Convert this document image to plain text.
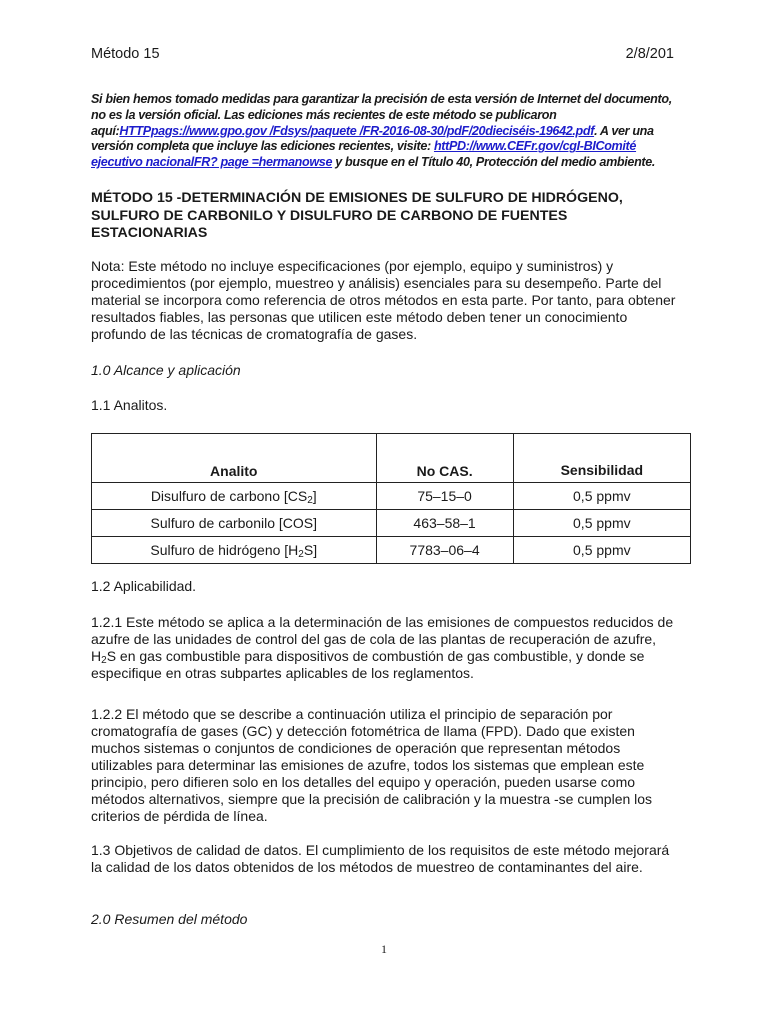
Método 15	2/8/201
Si bien hemos tomado medidas para garantizar la precisión de esta versión de Internet del documento, no es la versión oficial. Las ediciones más recientes de este método se publicaron aquí:HTTPpags://www.gpo.gov /Fdsys/paquete /FR-2016-08-30/pdF/20dieciséis-19642.pdf. A ver una versión completa que incluye las ediciones recientes, visite: httPD://www.CEFr.gov/cgI-BIComité ejecutivo nacionalFR? page =hermanowse y busque en el Título 40, Protección del medio ambiente.
MÉTODO 15 -DETERMINACIÓN DE EMISIONES DE SULFURO DE HIDRÓGENO, SULFURO DE CARBONILO Y DISULFURO DE CARBONO DE FUENTES ESTACIONARIAS
Nota: Este método no incluye especificaciones (por ejemplo, equipo y suministros) y procedimientos (por ejemplo, muestreo y análisis) esenciales para su desempeño. Parte del material se incorpora como referencia de otros métodos en esta parte. Por tanto, para obtener resultados fiables, las personas que utilicen este método deben tener un conocimiento profundo de las técnicas de cromatografía de gases.
1.0 Alcance y aplicación
1.1 Analitos.
Analito	No CAS.	Sensibilidad
Disulfuro de carbono $[CS_2]$	75–15–0	0,5 ppmv
Sulfuro de carbonilo [COS]	463–58–1	0,5 ppmv
Sulfuro de hidrógeno $[H_2S]$	7783–06–4	0,5 ppmv
1.2 Aplicabilidad.
1.2.1 Este método se aplica a la determinación de las emisiones de compuestos reducidos de azufre de las unidades de control del gas de cola de las plantas de recuperación de azufre, $H_2S$ en gas combustible para dispositivos de combustión de gas combustible, y donde se especifique en otras subpartes aplicables de los reglamentos.
1.2.2 El método que se describe a continuación utiliza el principio de separación por cromatografía de gases (GC) y detección fotométrica de llama (FPD). Dado que existen muchos sistemas o conjuntos de condiciones de operación que representan métodos utilizables para determinar las emisiones de azufre, todos los sistemas que emplean este principio, pero difieren solo en los detalles del equipo y operación, pueden usarse como métodos alternativos, siempre que la precisión de calibración y la muestra -se cumplen los criterios de pérdida de línea.
1.3 Objetivos de calidad de datos. El cumplimiento de los requisitos de este método mejorará la calidad de los datos obtenidos de los métodos de muestreo de contaminantes del aire.
2.0 Resumen del método
1
